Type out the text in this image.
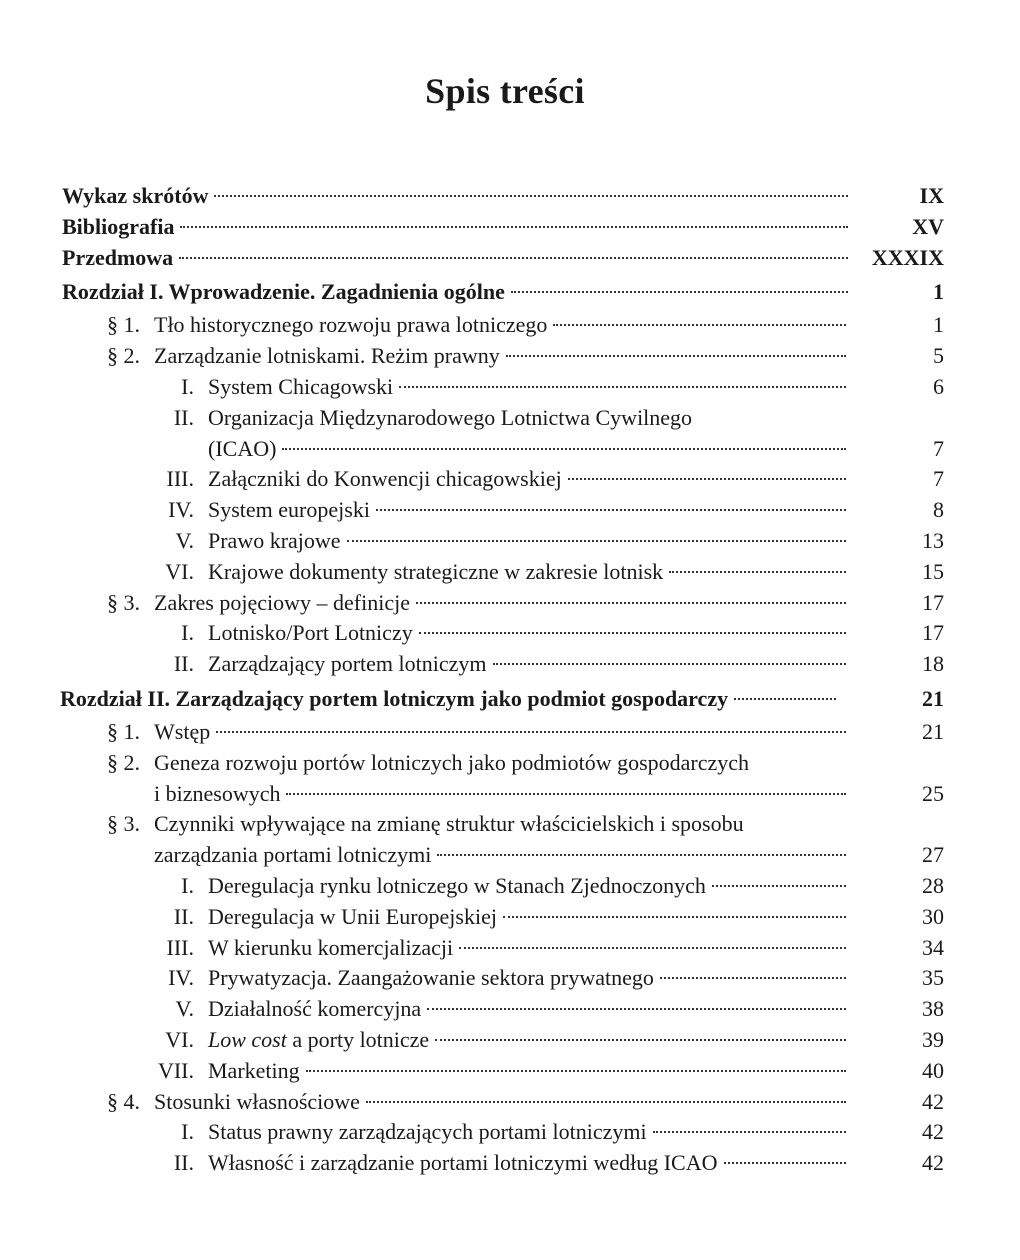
Spis treści
Wykaz skrótów	IX
Bibliografia	XV
Przedmowa	XXXIX
Rozdział I. Wprowadzenie. Zagadnienia ogólne	1
§ 1. Tło historycznego rozwoju prawa lotniczego	1
§ 2. Zarządzanie lotniskami. Reżim prawny	5
I. System Chicagowski	6
II. Organizacja Międzynarodowego Lotnictwa Cywilnego
(ICAO)	7
III. Załączniki do Konwencji chicagowskiej	7
IV. System europejski	8
V. Prawo krajowe	13
VI. Krajowe dokumenty strategiczne w zakresie lotnisk	15
§ 3. Zakres pojęciowy – definicje	17
I. Lotnisko/Port Lotniczy	17
II. Zarządzający portem lotniczym	18
Rozdział II. Zarządzający portem lotniczym jako podmiot gospodarczy	21
§ 1. Wstęp	21
§ 2. Geneza rozwoju portów lotniczych jako podmiotów gospodarczych
i biznesowych	25
§ 3. Czynniki wpływające na zmianę struktur właścicielskich i sposobu
zarządzania portami lotniczymi	27
I. Deregulacja rynku lotniczego w Stanach Zjednoczonych	28
II. Deregulacja w Unii Europejskiej	30
III. W kierunku komercjalizacji	34
IV. Prywatyzacja. Zaangażowanie sektora prywatnego	35
V. Działalność komercyjna	38
VI. Low cost a porty lotnicze	39
VII. Marketing	40
§ 4. Stosunki własnościowe	42
I. Status prawny zarządzających portami lotniczymi	42
II. Własność i zarządzanie portami lotniczymi według ICAO	42
